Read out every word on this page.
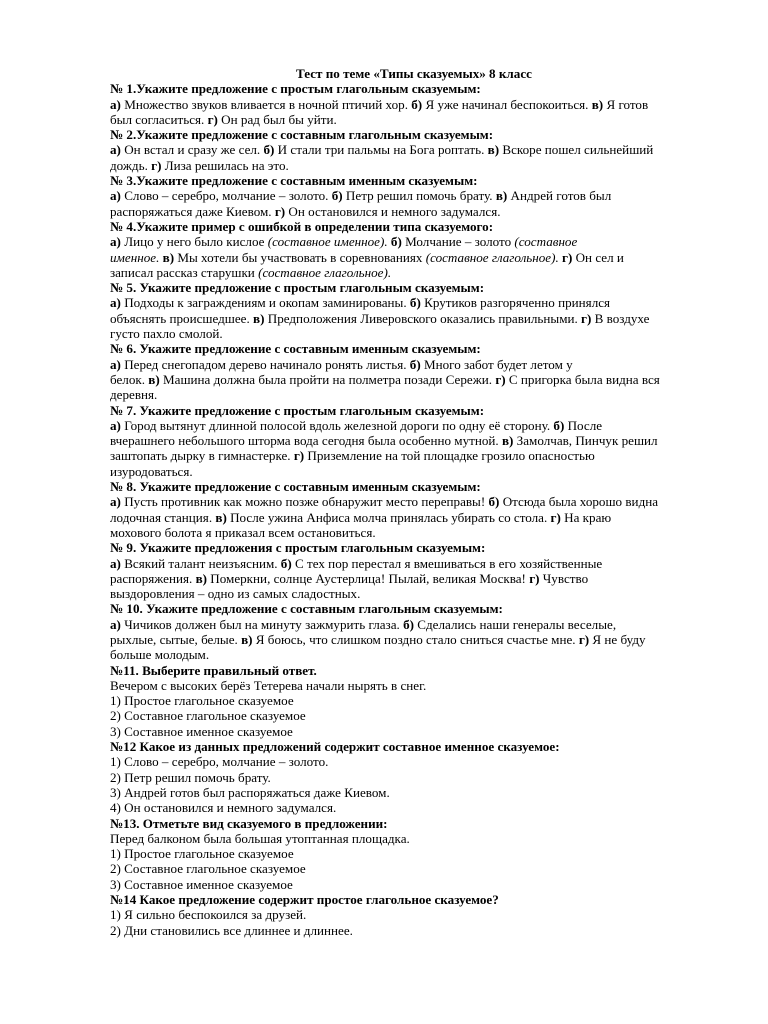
Тест по теме «Типы сказуемых» 8 класс

№ 1.Укажите предложение с простым глагольным сказуемым:

а) Множество звуков вливается в ночной птичий хор. б) Я уже начинал беспокоиться. в) Я готов
был согласиться. г) Он рад был бы уйти.

№ 2.Укажите предложение с составным глагольным сказуемым:

а) Он встал и сразу же сел. б) И стали три пальмы на Бога роптать. в) Вскоре пошел сильнейший
дождь. г) Лиза решилась на это.

№ 3.Укажите предложение с составным именным сказуемым:

а) Слово – серебро, молчание – золото. б) Петр решил помочь брату. в) Андрей готов был
распоряжаться даже Киевом. г) Он остановился и немного задумался.

№ 4.Укажите пример с ошибкой в определении типа сказуемого:

а) Лицо у него было кислое (составное именное). б) Молчание – золото (составное
именное. в) Мы хотели бы участвовать в соревнованиях (составное глагольное). г) Он сел и
записал рассказ старушки (составное глагольное).

№ 5. Укажите предложение с простым глагольным сказуемым:

а) Подходы к заграждениям и окопам заминированы. б) Крутиков разгоряченно принялся
объяснять происшедшее. в) Предположения Ливеровского оказались правильными. г) В воздухе
густо пахло смолой.

№ 6. Укажите предложение с составным именным сказуемым:

а) Перед снегопадом дерево начинало ронять листья. б) Много забот будет летом у
белок. в) Машина должна была пройти на полметра позади Сережи. г) С пригорка была видна вся
деревня.

№ 7. Укажите предложение с простым глагольным сказуемым:

а) Город вытянут длинной полосой вдоль железной дороги по одну её сторону. б) После
вчерашнего небольшого шторма вода сегодня была особенно мутной. в) Замолчав, Пинчук решил
заштопать дырку в гимнастерке. г) Приземление на той площадке грозило опасностью
изуродоваться.

№ 8. Укажите предложение с составным именным сказуемым:

а) Пусть противник как можно позже обнаружит место переправы! б) Отсюда была хорошо видна
лодочная станция. в) После ужина Анфиса молча принялась убирать со стола. г) На краю
мохового болота я приказал всем остановиться.

№ 9. Укажите предложения с простым глагольным сказуемым:

а) Всякий талант неизъясним. б) С тех пор перестал я вмешиваться в его хозяйственные
распоряжения. в) Померкни, солнце Аустерлица! Пылай, великая Москва! г) Чувство
выздоровления – одно из самых сладостных.

№ 10. Укажите предложение с составным глагольным сказуемым:

а) Чичиков должен был на минуту зажмурить глаза. б) Сделались наши генералы веселые,
рыхлые, сытые, белые. в) Я боюсь, что слишком поздно стало сниться счастье мне. г) Я не буду
больше молодым.

№11. Выберите правильный ответ.

Вечером с высоких берёз Тетерева начали нырять в снег.
1) Простое глагольное сказуемое
2) Составное глагольное сказуемое
3) Составное именное сказуемое

№12 Какое из данных предложений содержит составное именное сказуемое:

1) Слово – серебро, молчание – золото.
2) Петр решил помочь брату.
3) Андрей готов был распоряжаться даже Киевом.
4) Он остановился и немного задумался.

№13. Отметьте вид сказуемого в предложении:

Перед балконом была большая утоптанная площадка.
1) Простое глагольное сказуемое
2) Составное глагольное сказуемое
3) Составное именное сказуемое

№14 Какое предложение содержит простое глагольное сказуемое?

1) Я сильно беспокоился за друзей.
2) Дни становились все длиннее и длиннее.
